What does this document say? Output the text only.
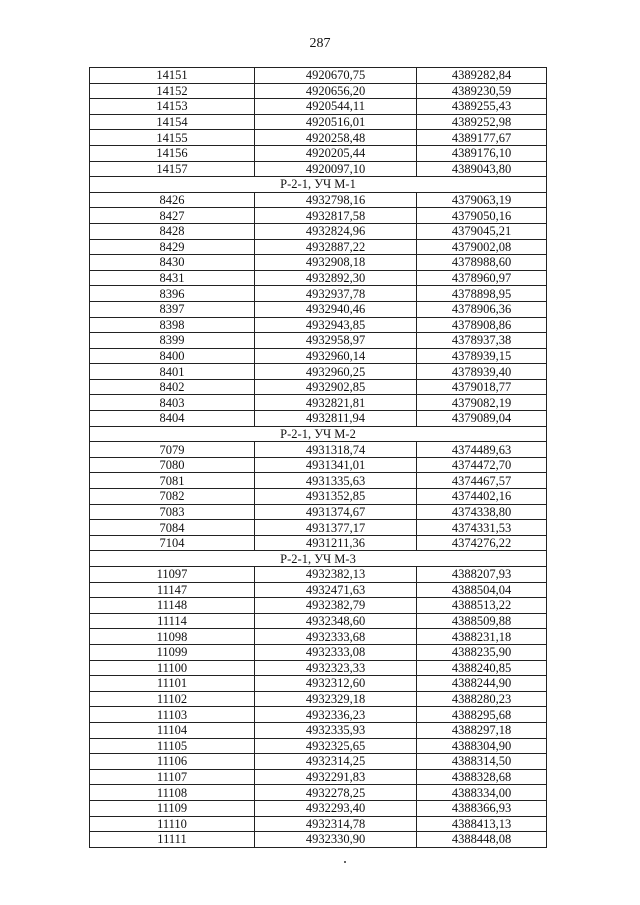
287
14151	4920670,75	4389282,84
14152	4920656,20	4389230,59
14153	4920544,11	4389255,43
14154	4920516,01	4389252,98
14155	4920258,48	4389177,67
14156	4920205,44	4389176,10
14157	4920097,10	4389043,80
Р-2-1, УЧ М-1		
8426	4932798,16	4379063,19
8427	4932817,58	4379050,16
8428	4932824,96	4379045,21
8429	4932887,22	4379002,08
8430	4932908,18	4378988,60
8431	4932892,30	4378960,97
8396	4932937,78	4378898,95
8397	4932940,46	4378906,36
8398	4932943,85	4378908,86
8399	4932958,97	4378937,38
8400	4932960,14	4378939,15
8401	4932960,25	4378939,40
8402	4932902,85	4379018,77
8403	4932821,81	4379082,19
8404	4932811,94	4379089,04
Р-2-1, УЧ М-2		
7079	4931318,74	4374489,63
7080	4931341,01	4374472,70
7081	4931335,63	4374467,57
7082	4931352,85	4374402,16
7083	4931374,67	4374338,80
7084	4931377,17	4374331,53
7104	4931211,36	4374276,22
Р-2-1, УЧ М-3		
11097	4932382,13	4388207,93
11147	4932471,63	4388504,04
11148	4932382,79	4388513,22
11114	4932348,60	4388509,88
11098	4932333,68	4388231,18
11099	4932333,08	4388235,90
11100	4932323,33	4388240,85
11101	4932312,60	4388244,90
11102	4932329,18	4388280,23
11103	4932336,23	4388295,68
11104	4932335,93	4388297,18
11105	4932325,65	4388304,90
11106	4932314,25	4388314,50
11107	4932291,83	4388328,68
11108	4932278,25	4388334,00
11109	4932293,40	4388366,93
11110	4932314,78	4388413,13
11111	4932330,90	4388448,08
